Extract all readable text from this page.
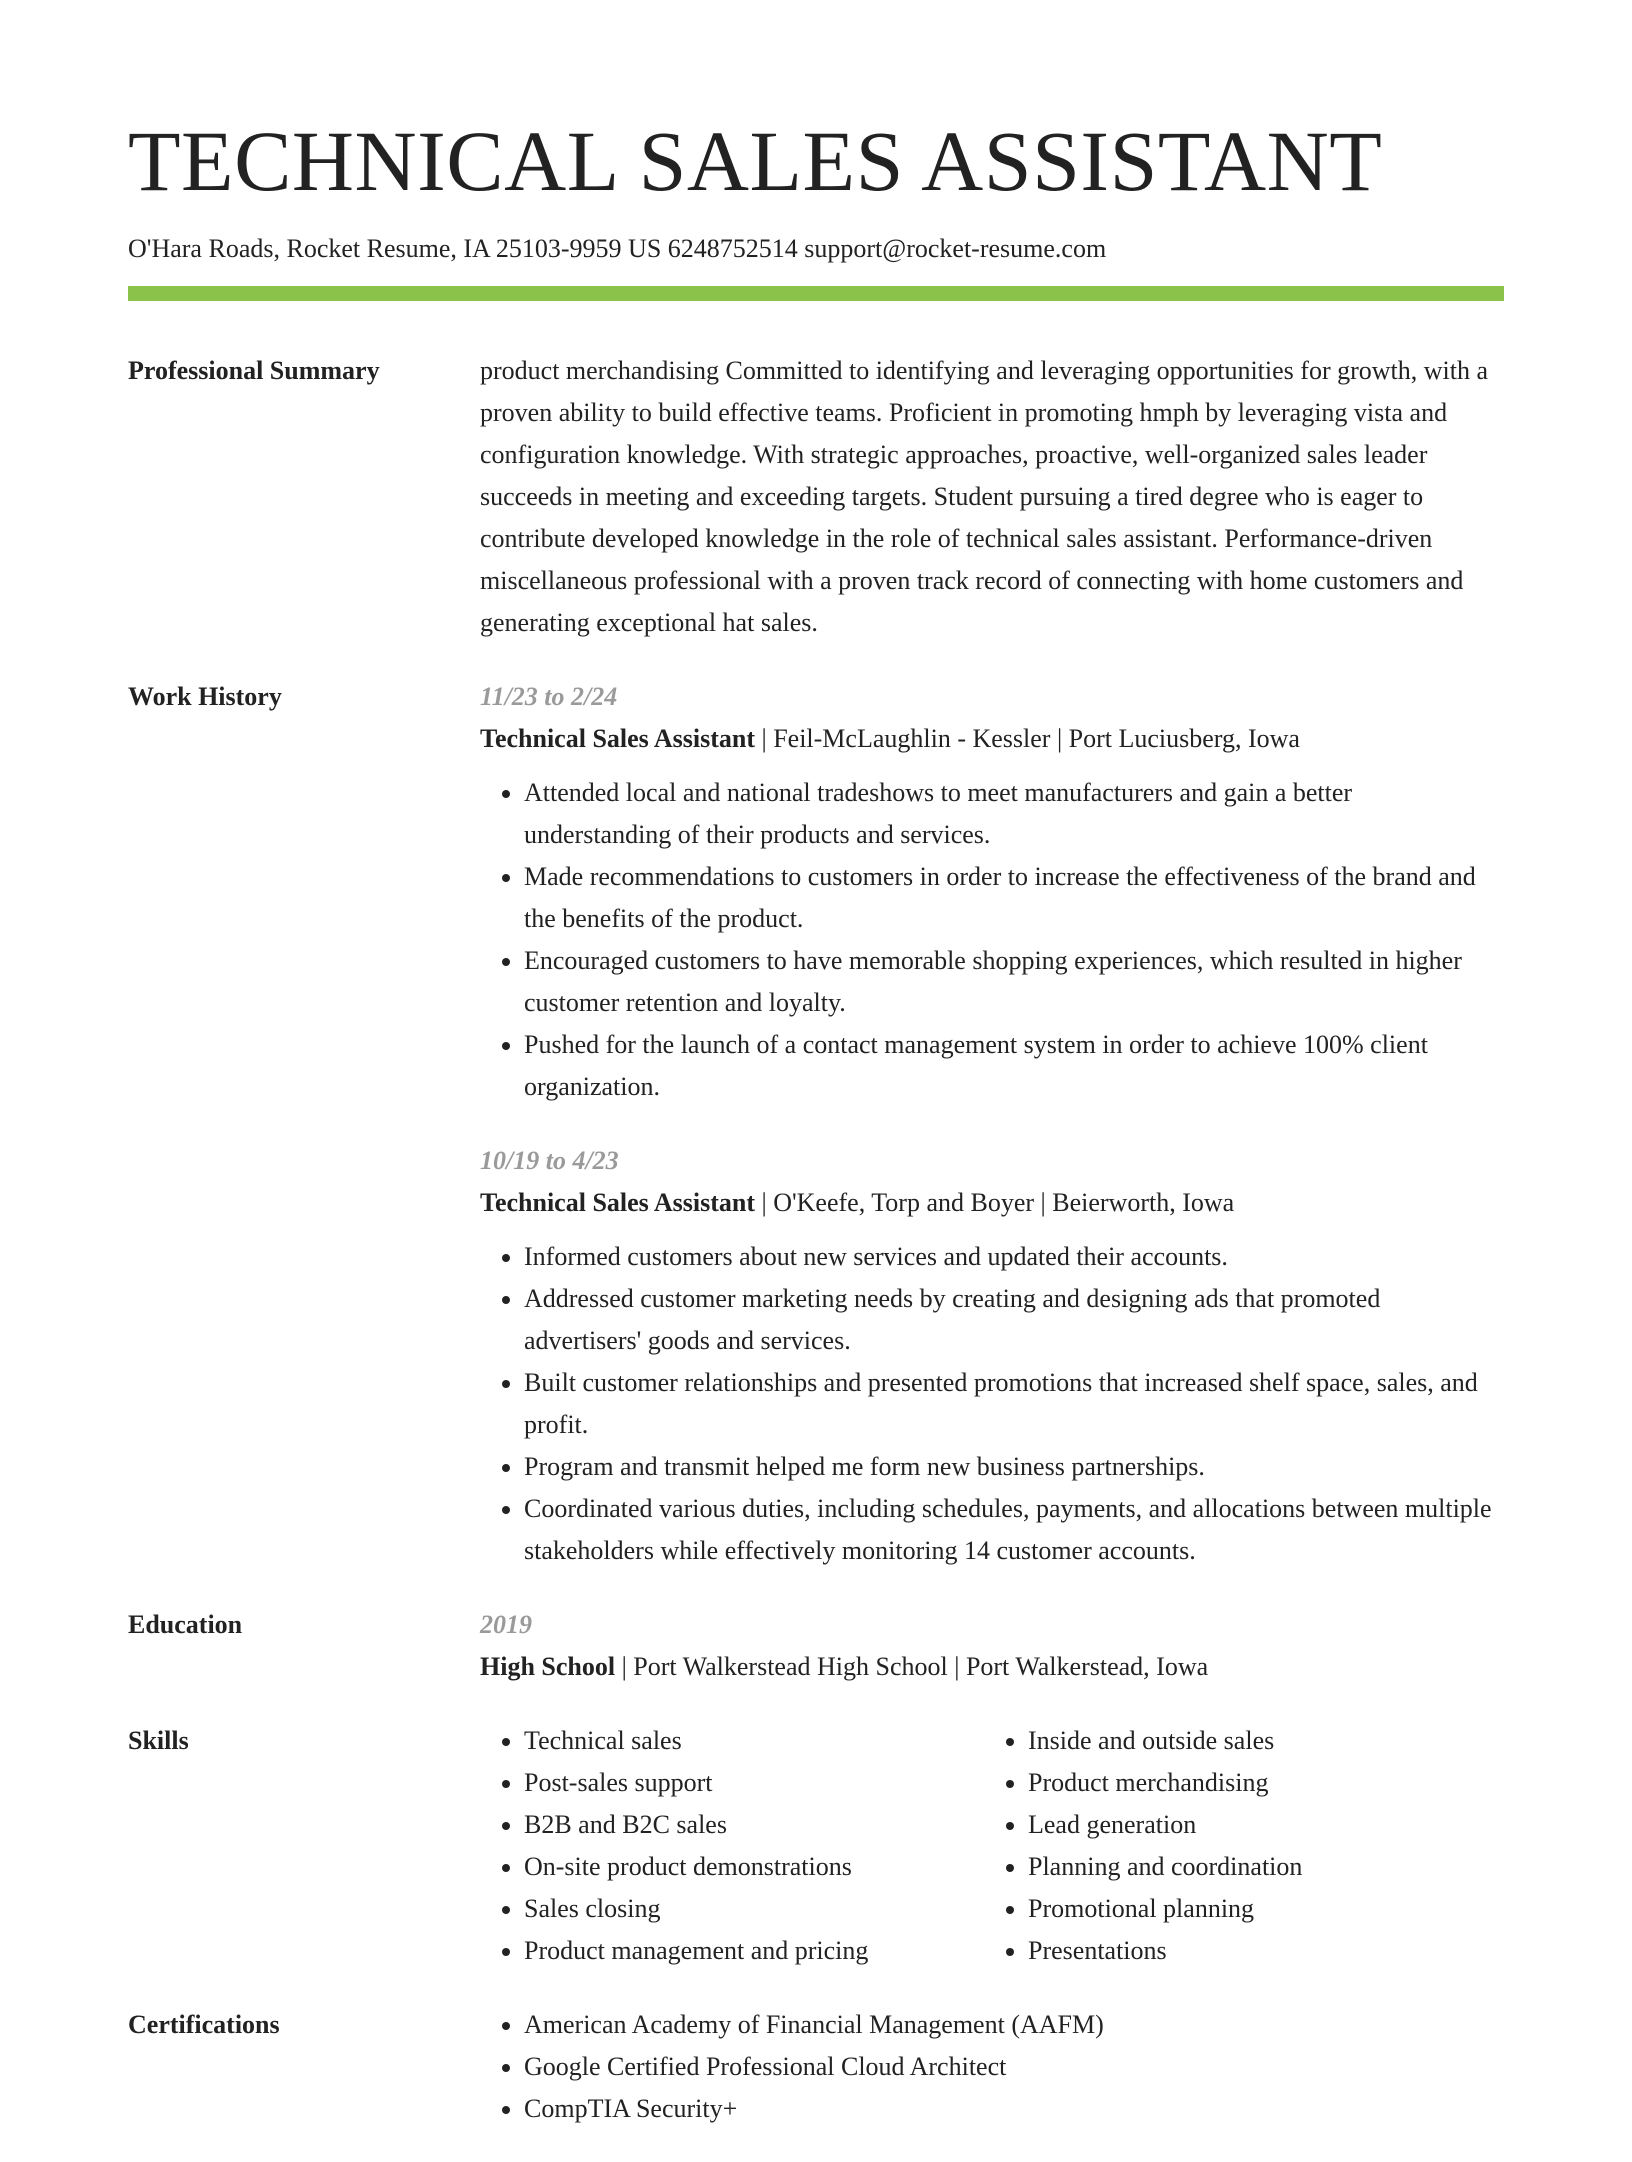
TECHNICAL SALES ASSISTANT
O'Hara Roads, Rocket Resume, IA 25103-9959 US 6248752514 support@rocket-resume.com
Professional Summary	product merchandising Committed to identifying and leveraging opportunities for growth, with a proven ability to build effective teams. Proficient in promoting hmph by leveraging vista and configuration knowledge. With strategic approaches, proactive, well-organized sales leader succeeds in meeting and exceeding targets. Student pursuing a tired degree who is eager to contribute developed knowledge in the role of technical sales assistant. Performance-driven miscellaneous professional with a proven track record of connecting with home customers and generating exceptional hat sales.

Work History	11/23 to 2/24
Technical Sales Assistant | Feil-McLaughlin - Kessler | Port Luciusberg, Iowa
• Attended local and national tradeshows to meet manufacturers and gain a better understanding of their products and services.
• Made recommendations to customers in order to increase the effectiveness of the brand and the benefits of the product.
• Encouraged customers to have memorable shopping experiences, which resulted in higher customer retention and loyalty.
• Pushed for the launch of a contact management system in order to achieve 100% client organization.
10/19 to 4/23
Technical Sales Assistant | O'Keefe, Torp and Boyer | Beierworth, Iowa
• Informed customers about new services and updated their accounts.
• Addressed customer marketing needs by creating and designing ads that promoted advertisers' goods and services.
• Built customer relationships and presented promotions that increased shelf space, sales, and profit.
• Program and transmit helped me form new business partnerships.
• Coordinated various duties, including schedules, payments, and allocations between multiple stakeholders while effectively monitoring 14 customer accounts.
Education	2019
High School | Port Walkerstead High School | Port Walkerstead, Iowa
Skills	• Technical sales
• Post-sales support
• B2B and B2C sales
• On-site product demonstrations
• Sales closing
• Product management and pricing
• Inside and outside sales
• Product merchandising
• Lead generation
• Planning and coordination
• Promotional planning
• Presentations
Certifications	• American Academy of Financial Management (AAFM)
• Google Certified Professional Cloud Architect
• CompTIA Security+
